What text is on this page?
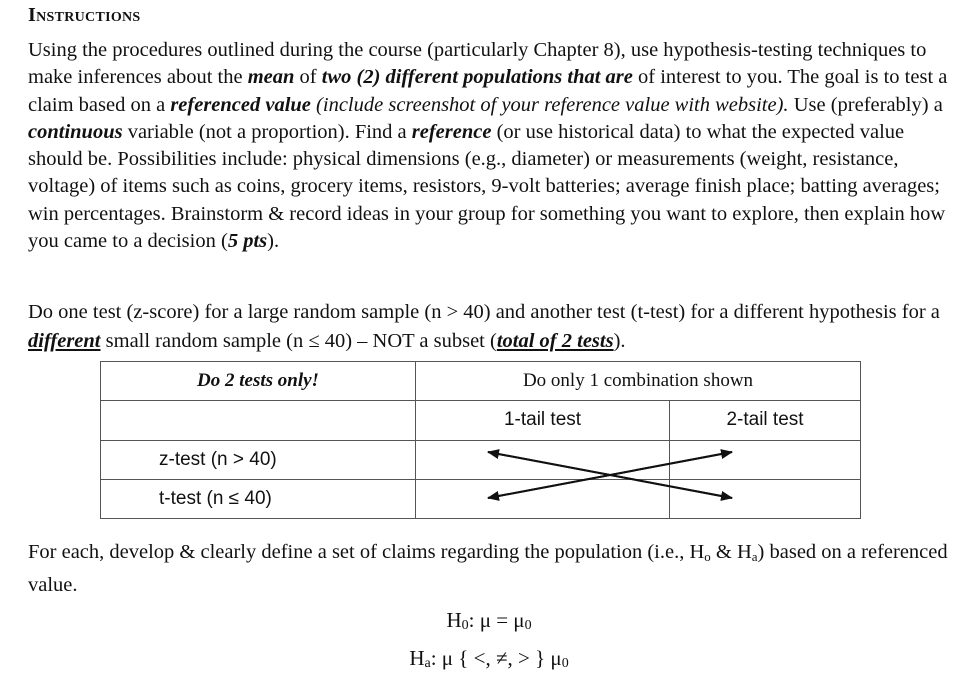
Instructions

Using the procedures outlined during the course (particularly Chapter 8), use hypothesis-testing techniques to make inferences about the mean of two (2) different populations that are of interest to you. The goal is to test a claim based on a referenced value (include screenshot of your reference value with website). Use (preferably) a continuous variable (not a proportion). Find a reference (or use historical data) to what the expected value should be. Possibilities include: physical dimensions (e.g., diameter) or measurements (weight, resistance, voltage) of items such as coins, grocery items, resistors, 9-volt batteries; average finish place; batting averages; win percentages. Brainstorm & record ideas in your group for something you want to explore, then explain how you came to a decision (5 pts).

Do one test (z-score) for a large random sample (n > 40) and another test (t-test) for a different hypothesis for a different small random sample (n ≤ 40) – NOT a subset (total of 2 tests).

Do 2 tests only!	Do only 1 combination shown	
	1-tail test	2-tail test
z-test (n > 40)		
t-test (n ≤ 40)		

For each, develop & clearly define a set of claims regarding the population (i.e., $H_o$ & $H_a$) based on a referenced value.

$H_0$: $\mu = \mu_0$

$H_a$: μ { <, ≠, > } $\mu_0$
